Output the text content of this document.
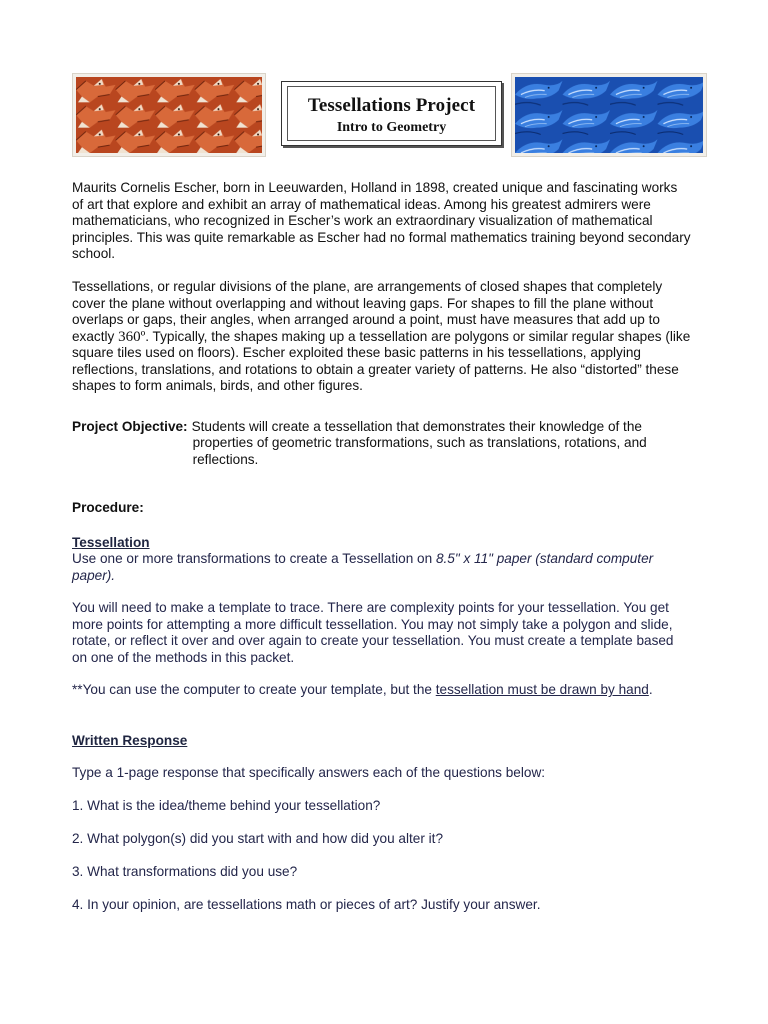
Tessellations Project
Intro to Geometry

Maurits Cornelis Escher, born in Leeuwarden, Holland in 1898, created unique and fascinating works of art that explore and exhibit an array of mathematical ideas. Among his greatest admirers were mathematicians, who recognized in Escher’s work an extraordinary visualization of mathematical principles. This was quite remarkable as Escher had no formal mathematics training beyond secondary school.

Tessellations, or regular divisions of the plane, are arrangements of closed shapes that completely cover the plane without overlapping and without leaving gaps. For shapes to fill the plane without overlaps or gaps, their angles, when arranged around a point, must have measures that add up to exactly 360º. Typically, the shapes making up a tessellation are polygons or similar regular shapes (like square tiles used on floors). Escher exploited these basic patterns in his tessellations, applying reflections, translations, and rotations to obtain a greater variety of patterns. He also “distorted” these shapes to form animals, birds, and other figures.

Project Objective: Students will create a tessellation that demonstrates their knowledge of the
properties of geometric transformations, such as translations, rotations, and reflections.
Procedure:
Tessellation

Use one or more transformations to create a Tessellation on 8.5" x 11" paper (standard computer paper).

You will need to make a template to trace. There are complexity points for your tessellation. You get more points for attempting a more difficult tessellation. You may not simply take a polygon and slide, rotate, or reflect it over and over again to create your tessellation. You must create a template based on one of the methods in this packet.

**You can use the computer to create your template, but the tessellation must be drawn by hand.

Written Response

Type a 1-page response that specifically answers each of the questions below:

1. What is the idea/theme behind your tessellation?

2. What polygon(s) did you start with and how did you alter it?

3. What transformations did you use?

4. In your opinion, are tessellations math or pieces of art? Justify your answer.
